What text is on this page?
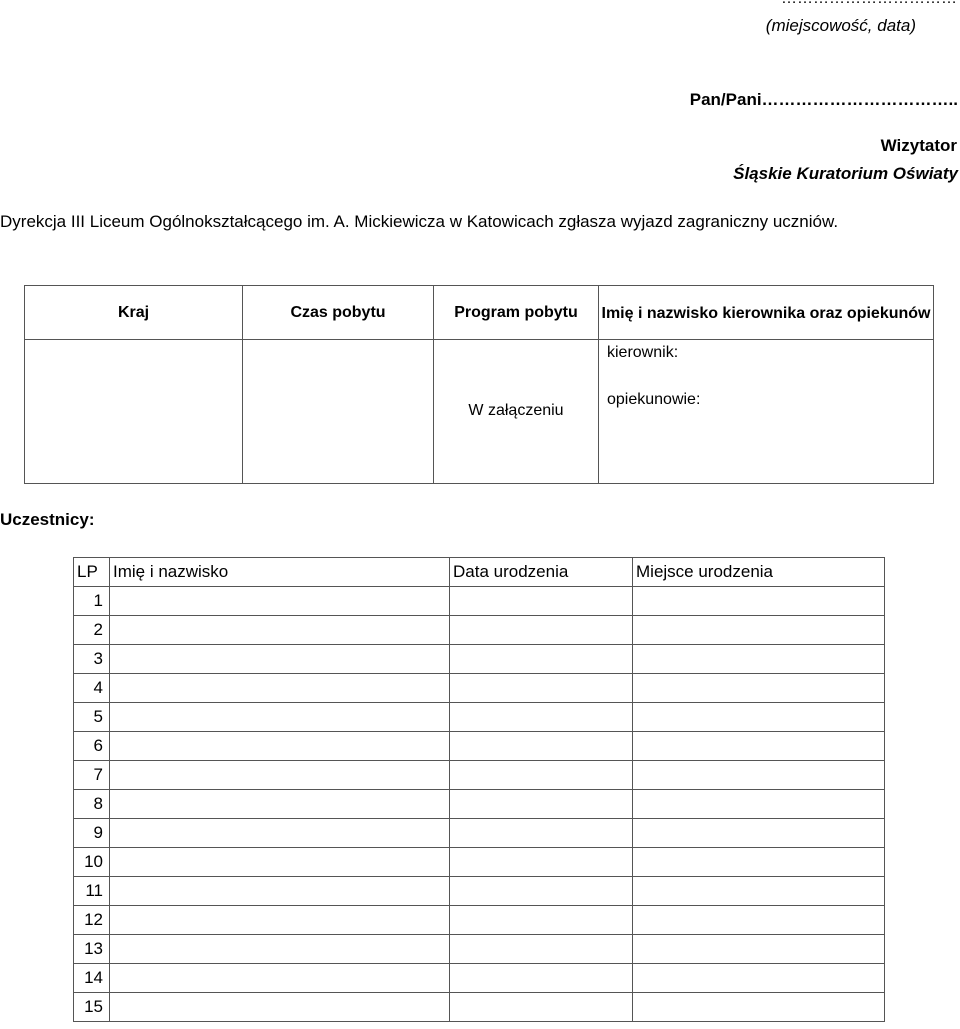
(miejscowość, data)
Pan/Pani……………………………..
Wizytator
Śląskie Kuratorium Oświaty
Dyrekcja III Liceum Ogólnokształcącego im. A. Mickiewicza w Katowicach zgłasza wyjazd zagraniczny uczniów.
Kraj	Czas pobytu	Program pobytu	Imię i nazwisko kierownika oraz opiekunów

		W załączeniu	kierownik:
opiekunowie:
Uczestnicy:
LP	Imię i nazwisko	Data urodzenia	Miejsce urodzenia
1			
2			
3			
4			
5			
6			
7			
8			
9			
10			
11			
12			
13			
14			
15			
